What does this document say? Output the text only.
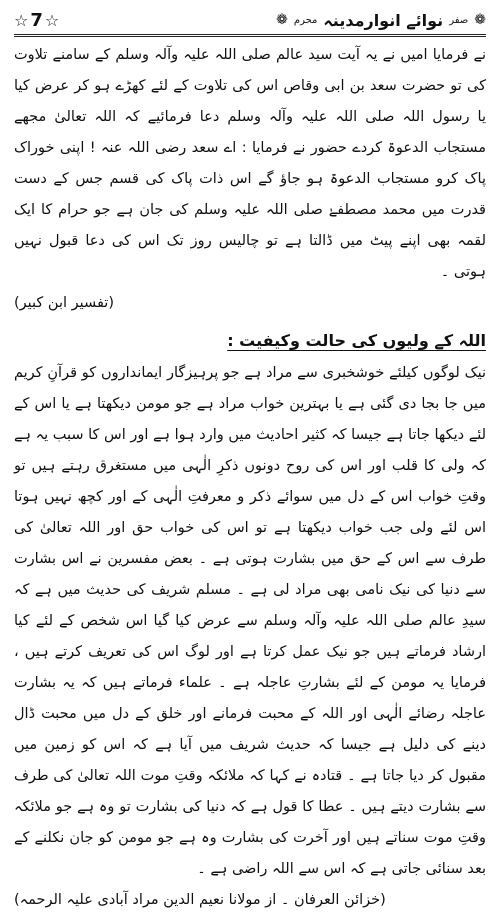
❁
صفر
نوائے انوارمدینہ
محرم
❁
☆ 7 ☆

نے فرمایا امیں نے یہ آیت سید عالم صلی اللہ علیہ وآلہ وسلم کے سامنے تلاوت کی تو حضرت سعد بن ابی وقاص اس کی تلاوت کے لئے کھڑے ہو کر عرض کیا یا رسول اللہ صلی اللہ علیہ وآلہ وسلم دعا فرمائیے کہ اللہ تعالیٰ مجھے مستجاب الدعوۃ کردے حضور نے فرمایا : اے سعد رضی اللہ عنہ ! اپنی خوراک پاک کرو مستجاب الدعوۃ ہو جاؤ گے اس ذات پاک کی قسم جس کے دست قدرت میں محمد مصطفےٰ صلی اللہ علیہ وسلم کی جان ہے جو حرام کا ایک لقمہ بھی اپنے پیٹ میں ڈالتا ہے تو چالیس روز تک اس کی دعا قبول نہیں ہوتی ۔
(تفسیر ابن کبیر)

اللہ کے ولیوں کی حالت وکیفیت :

نیک لوگوں کیلئے خوشخبری سے مراد ہے جو پرہیزگار ایمانداروں کو قرآنِ کریم میں جا بجا دی گئی ہے یا بہترین خواب مراد ہے جو مومن دیکھتا ہے یا اس کے لئے دیکھا جاتا ہے جیسا کہ کثیر احادیث میں وارد ہوا ہے اور اس کا سبب یہ ہے کہ ولی کا قلب اور اس کی روح دونوں ذکرِ الٰہی میں مستغرق رہتے ہیں تو وقتِ خواب اس کے دل میں سوائے ذکر و معرفتِ الٰہی کے اور کچھ نہیں ہوتا اس لئے ولی جب خواب دیکھتا ہے تو اس کی خواب حق اور اللہ تعالیٰ کی طرف سے اس کے حق میں بشارت ہوتی ہے ۔ بعض مفسرین نے اس بشارت سے دنیا کی نیک نامی بھی مراد لی ہے ۔ مسلم شریف کی حدیث میں ہے کہ سیدِ عالم صلی اللہ علیہ وآلہ وسلم سے عرض کیا گیا اس شخص کے لئے کیا ارشاد فرماتے ہیں جو نیک عمل کرتا ہے اور لوگ اس کی تعریف کرتے ہیں ، فرمایا یہ مومن کے لئے بشارتِ عاجلہ ہے ۔ علماء فرماتے ہیں کہ یہ بشارت عاجلہ رضائے الٰہی اور اللہ کے محبت فرمانے اور خلق کے دل میں محبت ڈال دینے کی دلیل ہے جیسا کہ حدیث شریف میں آیا ہے کہ اس کو زمین میں مقبول کر دیا جاتا ہے ۔ قتادہ نے کہا کہ ملائکہ وقتِ موت اللہ تعالیٰ کی طرف سے بشارت دیتے ہیں ۔ عطا کا قول ہے کہ دنیا کی بشارت تو وہ ہے جو ملائکہ وقتِ موت سناتے ہیں اور آخرت کی بشارت وہ ہے جو مومن کو جان نکلنے کے بعد سنائی جاتی ہے کہ اس سے اللہ راضی ہے ۔
(خزائن العرفان ۔ از مولانا نعیم الدین مراد آبادی علیہ الرحمہ)
